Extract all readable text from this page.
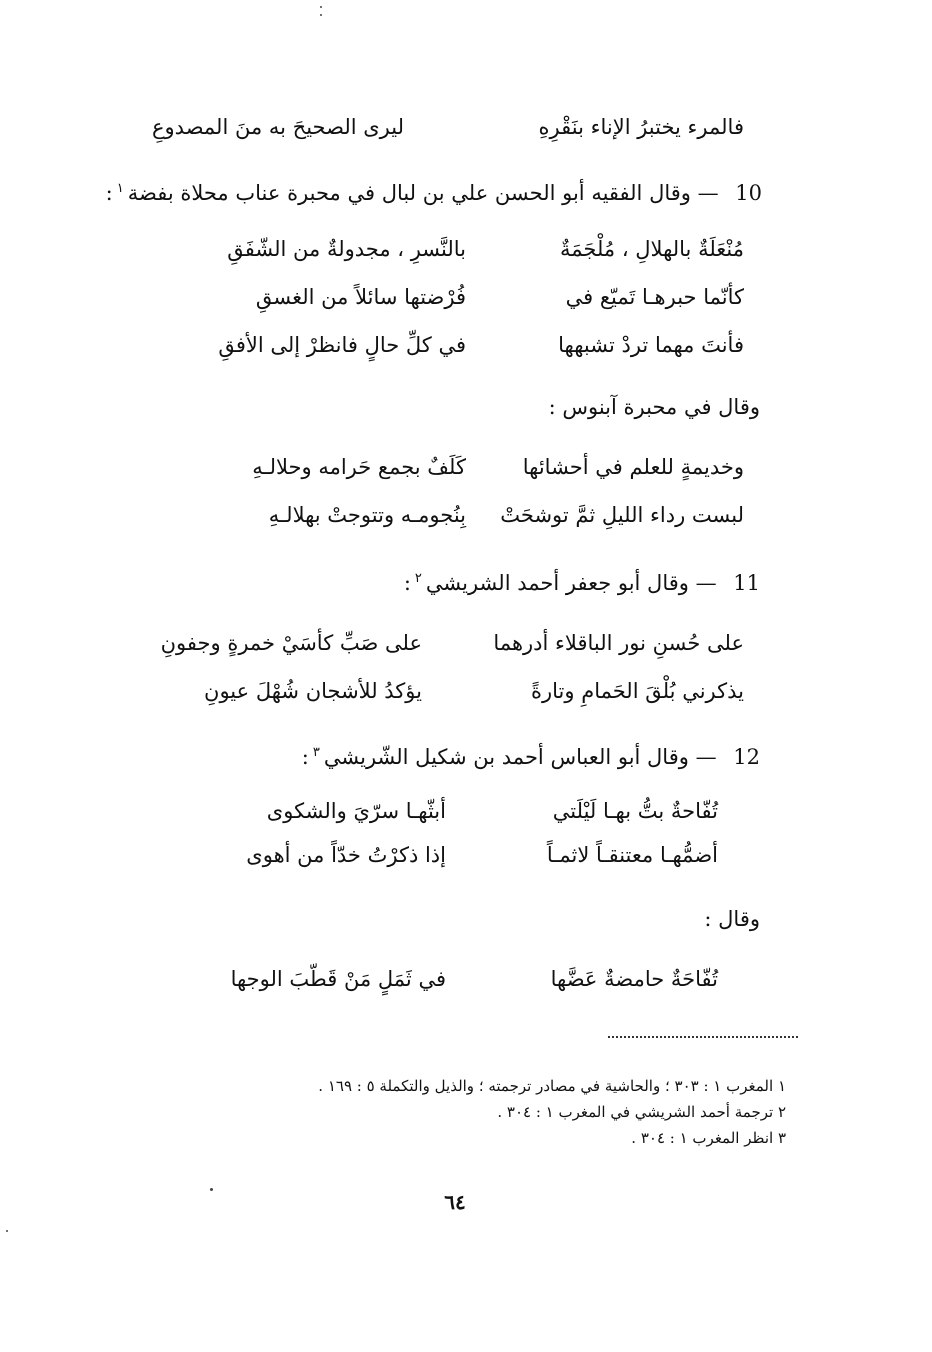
فالمرء يختبرُ الإناء بنَقْرِهِ
ليرى الصحيحَ به منَ المصدوعِ
10 — وقال الفقيه أبو الحسن علي بن لبال في محبرة عناب محلاة بفضة$^١$:
مُنْعَلَةٌ بالهلالِ ، مُلْجَمَةٌ
بالنَّسرِ ، مجدولةٌ من الشّفَقِ
كأنّما حبرهـا تَميّع في
فُرْضتها سائلاً من الغسقِ
فأنتَ مهما تردْ تشبهها
في كلِّ حالٍ فانظرْ إلى الأفقِ
وقال في محبرة آبنوس :
وخديمةٍ للعلم في أحشائها
كَلَفٌ بجمع حَرامه وحلالـهِ
لبست رداء الليلِ ثمَّ توشحَتْ
بِنُجومـه وتتوجتْ بهلالـهِ
11 — وقال أبو جعفر أحمد الشريشي$^٢$:
على حُسنِ نور الباقلاء أدرهما
على صَبِّ كأسَيْ خمرةٍ وجفونِ
يذكرني بُلْقَ الحَمامِ وتارةً
يؤكدُ للأشجان شُهْلَ عيونِ
12 — وقال أبو العباس أحمد بن شكيل الشّريشي$^٣$:
تُفّاحةٌ بتُّ بهـا لَيْلَتي
أبثّهـا سرّيَ والشكوى
أضمُّهـا معتنقـاً لاثمـاً
إذا ذكرْتُ خدّاً من أهوى
وقال :
تُفّاحَةٌ حامضةٌ عَضَّها
في ثَمَلٍ مَنْ قَطّبَ الوجها
١ المغرب ١ : ٣٠٣ ؛ والحاشية في مصادر ترجمته ؛ والذيل والتكملة ٥ : ١٦٩ .
٢ ترجمة أحمد الشريشي في المغرب ١ : ٣٠٤ .
٣ انظر المغرب ١ : ٣٠٤ .
٦٤
